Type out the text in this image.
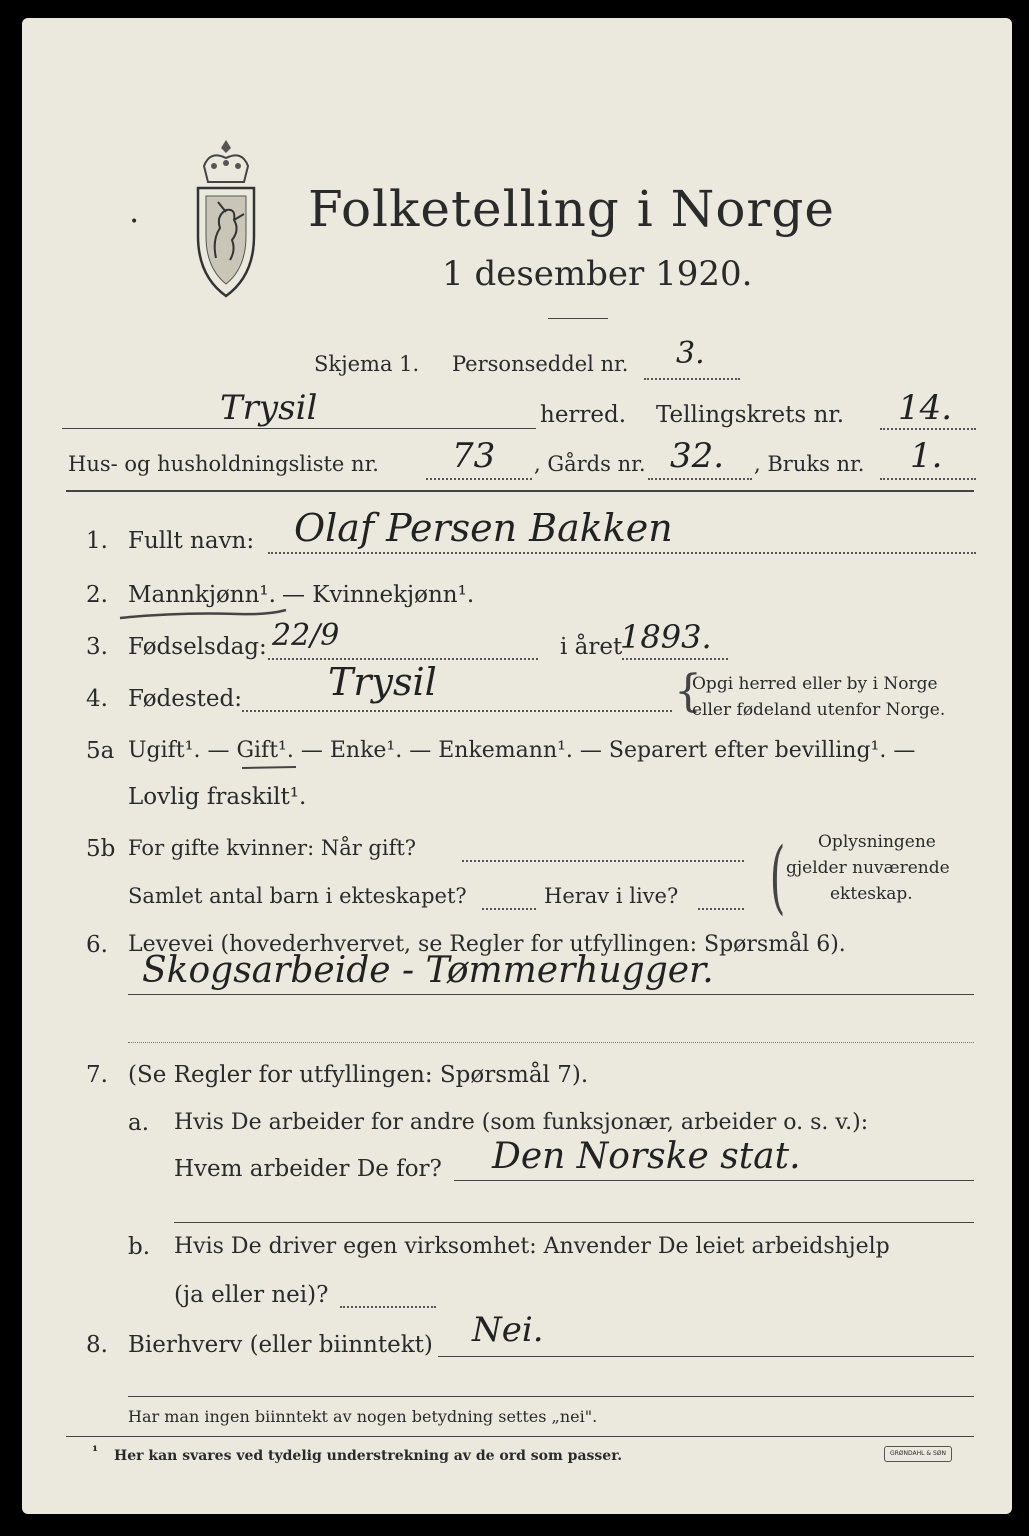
•	Folketelling i Norge
1 desember 1920.
Skjema 1. Personseddel nr. 3.
Trysil	herred. Tellingskrets nr. 14.
Hus- og husholdningsliste nr. 73 , Gårds nr. 32. , Bruks nr. 1.
1. Fullt navn: Olaf Persen Bakken
2. Mannkjønn¹. — Kvinnekjønn¹.
3. Fødselsdag: 22/9	i året
1893.
4. Fødested: Trysil	{
Opgi herred eller by i Norge
eller fødeland utenfor Norge.
5a Ugift¹. — Gift¹. — Enke¹. — Enkemann¹. — Separert efter bevilling¹. —
Lovlig fraskilt¹.
5b For gifte kvinner: Når gift?
Samlet antal barn i ekteskapet?	Herav i live? ( Oplysningene
gjelder nuværende
ekteskap.
6. Levevei (hovederhvervet, se Regler for utfyllingen: Spørsmål 6).
Skogsarbeide - Tømmerhugger.
7. (Se Regler for utfyllingen: Spørsmål 7).
a. Hvis De arbeider for andre (som funksjonær, arbeider o. s. v.):
Hvem arbeider De for? Den Norske stat.
b. Hvis De driver egen virksomhet: Anvender De leiet arbeidshjelp
(ja eller nei)?
8. Bierhverv (eller biinntekt) Nei.
Har man ingen biinntekt av nogen betydning settes „nei".
¹ Her kan svares ved tydelig understrekning av de ord som passer.	GRØNDAHL & SØN
